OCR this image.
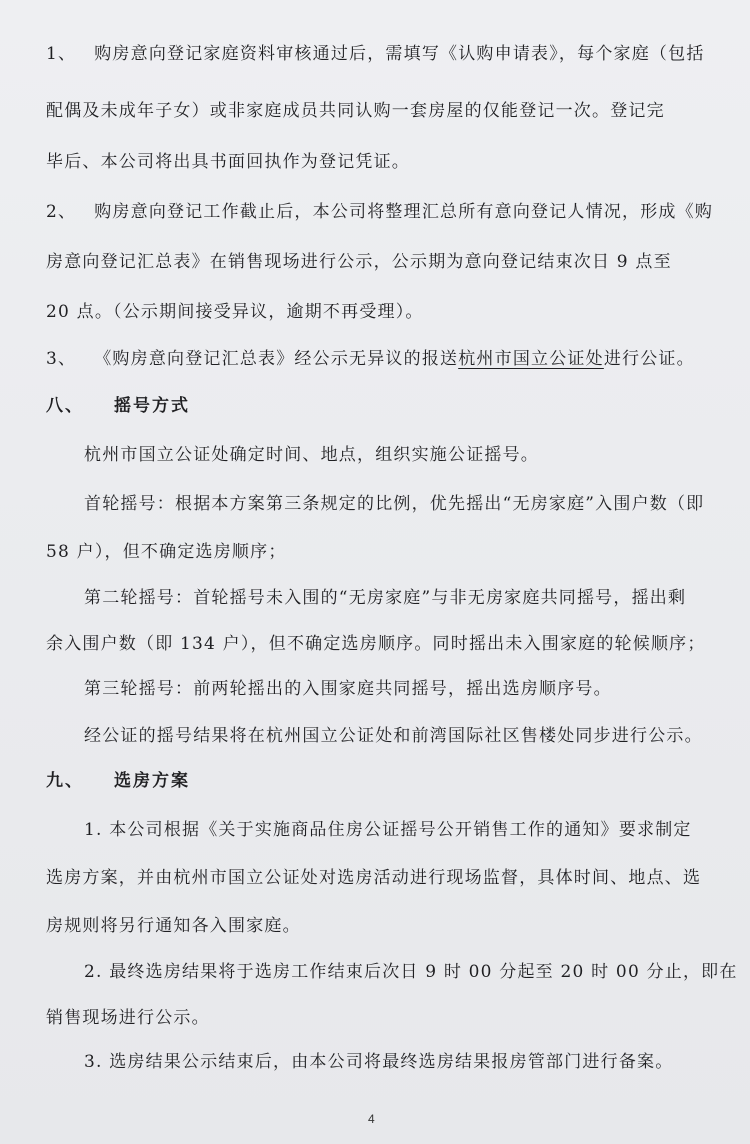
1、 购房意向登记家庭资料审核通过后，需填写《认购申请表》，每个家庭（包括
配偶及未成年子女）或非家庭成员共同认购一套房屋的仅能登记一次。登记完
毕后、本公司将出具书面回执作为登记凭证。
2、 购房意向登记工作截止后，本公司将整理汇总所有意向登记人情况，形成《购
房意向登记汇总表》在销售现场进行公示，公示期为意向登记结束次日 9 点至
20 点。（公示期间接受异议，逾期不再受理）。
3、 《购房意向登记汇总表》经公示无异议的报送杭州市国立公证处进行公证。
八、 摇号方式
杭州市国立公证处确定时间、地点，组织实施公证摇号。
首轮摇号：根据本方案第三条规定的比例，优先摇出“无房家庭”入围户数（即
58 户），但不确定选房顺序；
第二轮摇号：首轮摇号未入围的“无房家庭”与非无房家庭共同摇号，摇出剩
余入围户数（即 134 户），但不确定选房顺序。同时摇出未入围家庭的轮候顺序；
第三轮摇号：前两轮摇出的入围家庭共同摇号，摇出选房顺序号。
经公证的摇号结果将在杭州国立公证处和前湾国际社区售楼处同步进行公示。
九、 选房方案
1. 本公司根据《关于实施商品住房公证摇号公开销售工作的通知》要求制定
选房方案，并由杭州市国立公证处对选房活动进行现场监督，具体时间、地点、选
房规则将另行通知各入围家庭。
2. 最终选房结果将于选房工作结束后次日 9 时 00 分起至 20 时 00 分止，即在
销售现场进行公示。
3. 选房结果公示结束后，由本公司将最终选房结果报房管部门进行备案。
4
